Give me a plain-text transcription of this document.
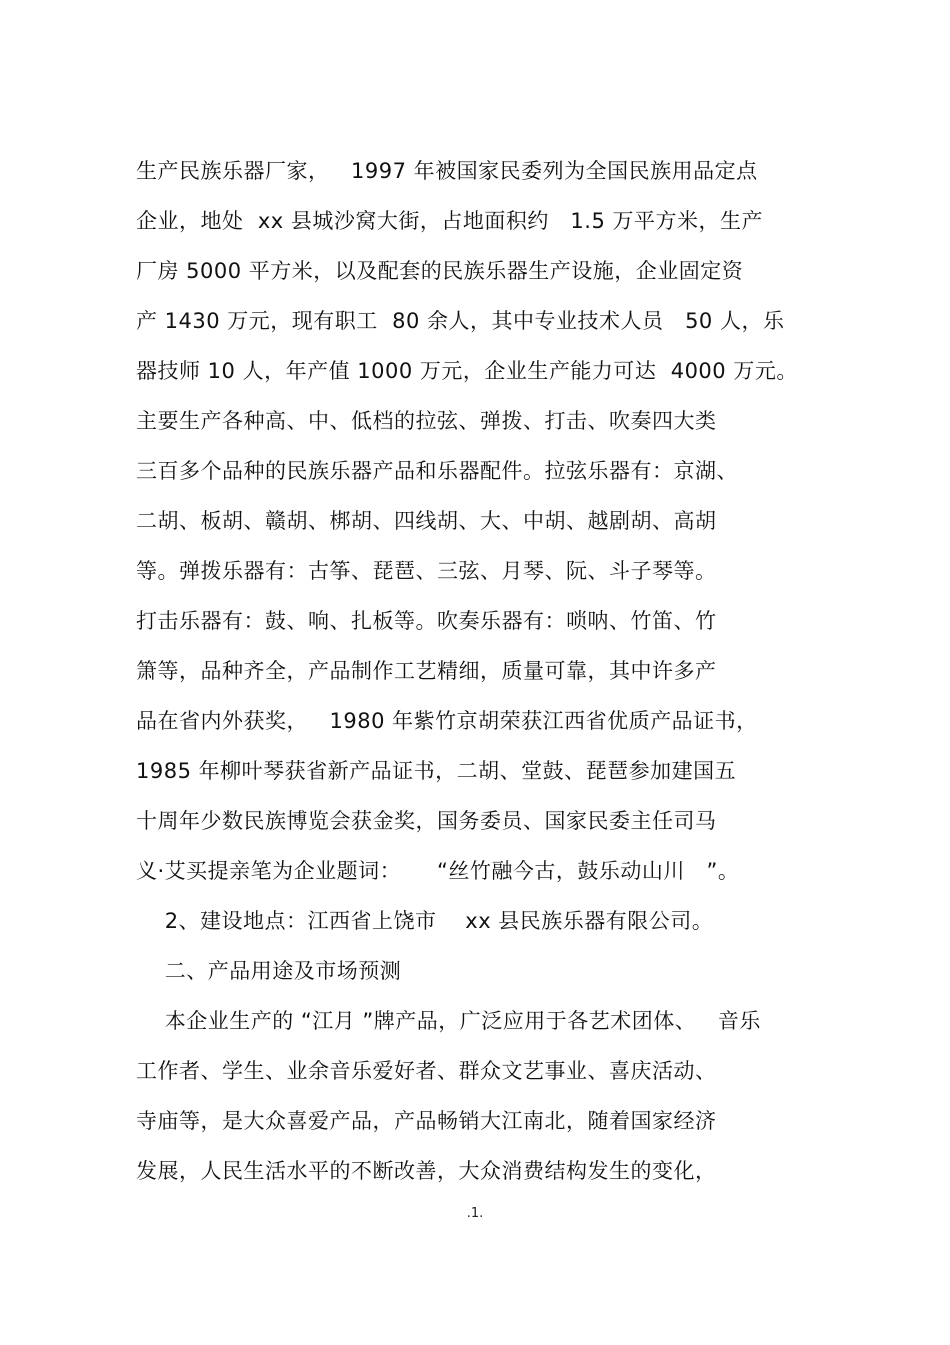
生产民族乐器厂家，   1997 年被国家民委列为全国民族用品定点
企业，地处  xx 县城沙窝大街，占地面积约   1.5 万平方米，生产
厂房 5000 平方米，以及配套的民族乐器生产设施，企业固定资
产 1430 万元，现有职工  80 余人，其中专业技术人员   50 人，乐
器技师 10 人，年产值 1000 万元，企业生产能力可达  4000 万元。
主要生产各种高、中、低档的拉弦、弹拨、打击、吹奏四大类
三百多个品种的民族乐器产品和乐器配件。拉弦乐器有：京湖、
二胡、板胡、赣胡、梆胡、四线胡、大、中胡、越剧胡、高胡
等。弹拨乐器有：古筝、琵琶、三弦、月琴、阮、斗子琴等。
打击乐器有：鼓、响、扎板等。吹奏乐器有：唢呐、竹笛、竹
箫等，品种齐全，产品制作工艺精细，质量可靠，其中许多产
品在省内外获奖，   1980 年紫竹京胡荣获江西省优质产品证书，
1985 年柳叶琴获省新产品证书，二胡、堂鼓、琵琶参加建国五
十周年少数民族博览会获金奖，国务委员、国家民委主任司马
义·艾买提亲笔为企业题词：     “丝竹融今古，鼓乐动山川   ”。
2、建设地点：江西省上饶市    xx 县民族乐器有限公司。
二、产品用途及市场预测
本企业生产的 “江月 ”牌产品，广泛应用于各艺术团体、   音乐
工作者、学生、业余音乐爱好者、群众文艺事业、喜庆活动、
寺庙等，是大众喜爱产品，产品畅销大江南北，随着国家经济
发展，人民生活水平的不断改善，大众消费结构发生的变化，
.1.
